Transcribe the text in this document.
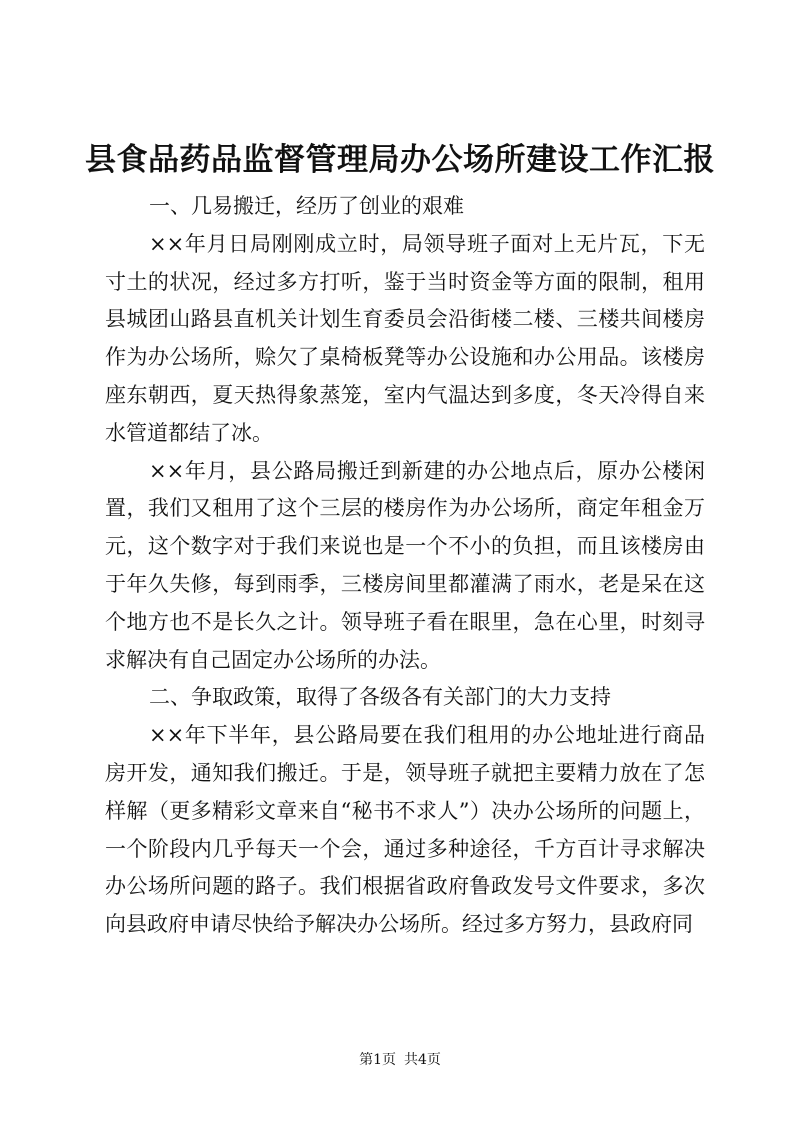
县食品药品监督管理局办公场所建设工作汇报

一、几易搬迁，经历了创业的艰难

××年月日局刚刚成立时，局领导班子面对上无片瓦，下无寸土的状况，经过多方打听，鉴于当时资金等方面的限制，租用县城团山路县直机关计划生育委员会沿街楼二楼、三楼共间楼房作为办公场所，赊欠了桌椅板凳等办公设施和办公用品。该楼房座东朝西，夏天热得象蒸笼，室内气温达到多度，冬天冷得自来水管道都结了冰。

××年月，县公路局搬迁到新建的办公地点后，原办公楼闲置，我们又租用了这个三层的楼房作为办公场所，商定年租金万元，这个数字对于我们来说也是一个不小的负担，而且该楼房由于年久失修，每到雨季，三楼房间里都灌满了雨水，老是呆在这个地方也不是长久之计。领导班子看在眼里，急在心里，时刻寻求解决有自己固定办公场所的办法。

二、争取政策，取得了各级各有关部门的大力支持

××年下半年，县公路局要在我们租用的办公地址进行商品房开发，通知我们搬迁。于是，领导班子就把主要精力放在了怎样解（更多精彩文章来自“秘书不求人”）决办公场所的问题上，一个阶段内几乎每天一个会，通过多种途径，千方百计寻求解决办公场所问题的路子。我们根据省政府鲁政发号文件要求，多次向县政府申请尽快给予解决办公场所。经过多方努力，县政府同

第1页 共4页
